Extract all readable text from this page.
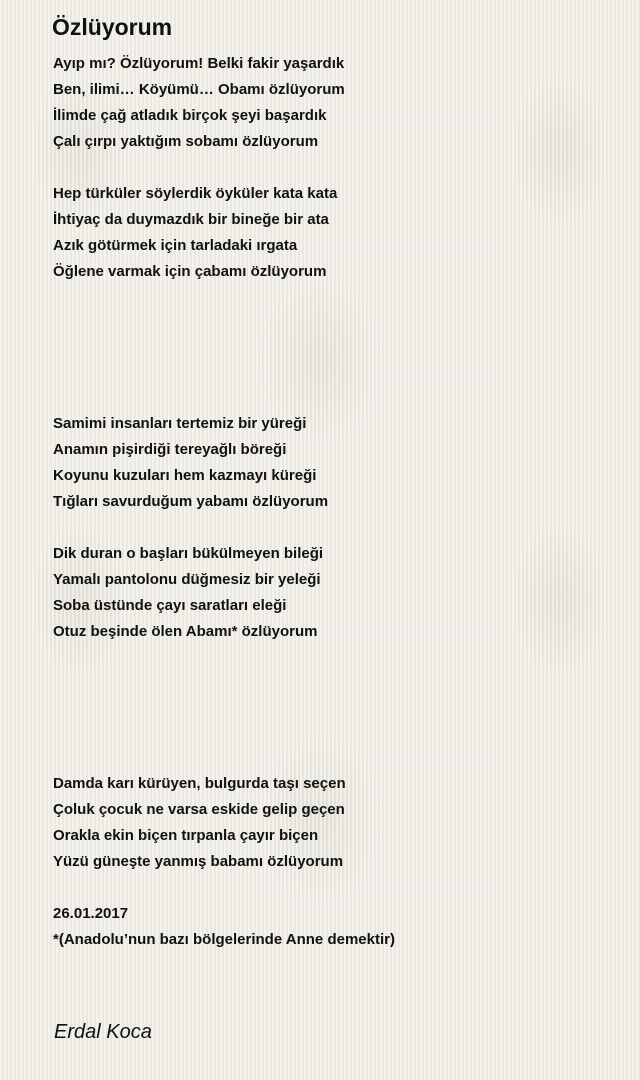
Özlüyorum
Ayıp mı? Özlüyorum! Belki fakir yaşardık
Ben, ilimi… Köyümü… Obamı özlüyorum
İlimde çağ atladık birçok şeyi başardık
Çalı çırpı yaktığım sobamı özlüyorum
Hep türküler söylerdik öyküler kata kata
İhtiyaç da duymazdık bir bineğe bir ata
Azık götürmek için tarladaki ırgata
Öğlene varmak için çabamı özlüyorum
Samimi insanları tertemiz bir yüreği
Anamın pişirdiği tereyağlı böreği
Koyunu kuzuları hem kazmayı küreği
Tığları savurduğum yabamı özlüyorum
Dik duran o başları bükülmeyen bileği
Yamalı pantolonu düğmesiz bir yeleği
Soba üstünde çayı saratları eleği
Otuz beşinde ölen Abamı* özlüyorum
Damda karı kürüyen, bulgurda taşı seçen
Çoluk çocuk ne varsa eskide gelip geçen
Orakla ekin biçen tırpanla çayır biçen
Yüzü güneşte yanmış babamı özlüyorum
26.01.2017
*(Anadolu’nun bazı bölgelerinde Anne demektir)
Erdal Koca
